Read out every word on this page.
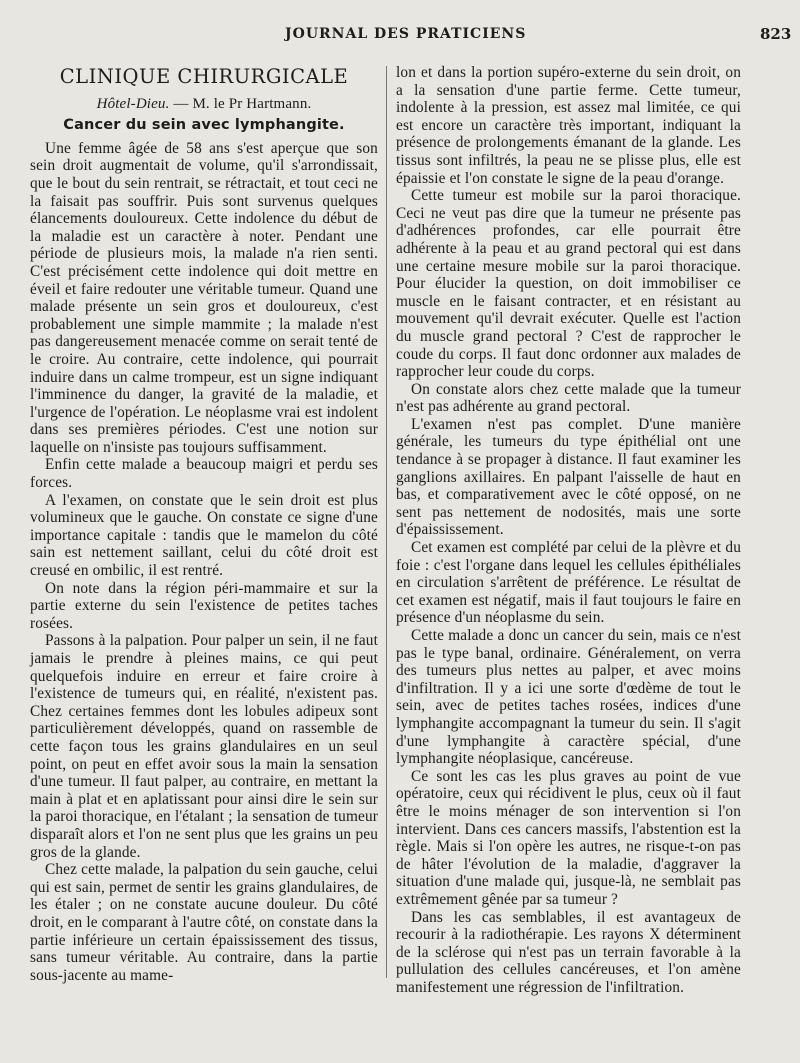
JOURNAL DES PRATICIENS	823
CLINIQUE CHIRURGICALE
Hôtel-Dieu. — M. le Pr Hartmann.
Cancer du sein avec lymphangite.

Une femme âgée de 58 ans s'est aperçue que son sein droit augmentait de volume, qu'il s'arrondissait, que le bout du sein rentrait, se rétractait, et tout ceci ne la faisait pas souffrir. Puis sont survenus quelques élancements douloureux. Cette indolence du début de la maladie est un caractère à noter. Pendant une période de plusieurs mois, la malade n'a rien senti. C'est précisément cette indolence qui doit mettre en éveil et faire redouter une véritable tumeur. Quand une malade présente un sein gros et douloureux, c'est probablement une simple mammite ; la malade n'est pas dangereusement menacée comme on serait tenté de le croire. Au contraire, cette indolence, qui pourrait induire dans un calme trompeur, est un signe indiquant l'imminence du danger, la gravité de la maladie, et l'urgence de l'opération. Le néoplasme vrai est indolent dans ses premières périodes. C'est une notion sur laquelle on n'insiste pas toujours suffisamment.

Enfin cette malade a beaucoup maigri et perdu ses forces.

A l'examen, on constate que le sein droit est plus volumineux que le gauche. On constate ce signe d'une importance capitale : tandis que le mamelon du côté sain est nettement saillant, celui du côté droit est creusé en ombilic, il est rentré.

On note dans la région péri-mammaire et sur la partie externe du sein l'existence de petites taches rosées.

Passons à la palpation. Pour palper un sein, il ne faut jamais le prendre à pleines mains, ce qui peut quelquefois induire en erreur et faire croire à l'existence de tumeurs qui, en réalité, n'existent pas. Chez certaines femmes dont les lobules adipeux sont particulièrement développés, quand on rassemble de cette façon tous les grains glandulaires en un seul point, on peut en effet avoir sous la main la sensation d'une tumeur. Il faut palper, au contraire, en mettant la main à plat et en aplatissant pour ainsi dire le sein sur la paroi thoracique, en l'étalant ; la sensation de tumeur disparaît alors et l'on ne sent plus que les grains un peu gros de la glande.

Chez cette malade, la palpation du sein gauche, celui qui est sain, permet de sentir les grains glandulaires, de les étaler ; on ne constate aucune douleur. Du côté droit, en le comparant à l'autre côté, on constate dans la partie inférieure un certain épaississement des tissus, sans tumeur véritable. Au contraire, dans la partie sous-jacente au mame-

lon et dans la portion supéro-externe du sein droit, on a la sensation d'une partie ferme. Cette tumeur, indolente à la pression, est assez mal limitée, ce qui est encore un caractère très important, indiquant la présence de prolongements émanant de la glande. Les tissus sont infiltrés, la peau ne se plisse plus, elle est épaissie et l'on constate le signe de la peau d'orange.

Cette tumeur est mobile sur la paroi thoracique. Ceci ne veut pas dire que la tumeur ne présente pas d'adhérences profondes, car elle pourrait être adhérente à la peau et au grand pectoral qui est dans une certaine mesure mobile sur la paroi thoracique. Pour élucider la question, on doit immobiliser ce muscle en le faisant contracter, et en résistant au mouvement qu'il devrait exécuter. Quelle est l'action du muscle grand pectoral ? C'est de rapprocher le coude du corps. Il faut donc ordonner aux malades de rapprocher leur coude du corps.

On constate alors chez cette malade que la tumeur n'est pas adhérente au grand pectoral.

L'examen n'est pas complet. D'une manière générale, les tumeurs du type épithélial ont une tendance à se propager à distance. Il faut examiner les ganglions axillaires. En palpant l'aisselle de haut en bas, et comparativement avec le côté opposé, on ne sent pas nettement de nodosités, mais une sorte d'épaississement.

Cet examen est complété par celui de la plèvre et du foie : c'est l'organe dans lequel les cellules épithéliales en circulation s'arrêtent de préférence. Le résultat de cet examen est négatif, mais il faut toujours le faire en présence d'un néoplasme du sein.

Cette malade a donc un cancer du sein, mais ce n'est pas le type banal, ordinaire. Généralement, on verra des tumeurs plus nettes au palper, et avec moins d'infiltration. Il y a ici une sorte d'œdème de tout le sein, avec de petites taches rosées, indices d'une lymphangite accompagnant la tumeur du sein. Il s'agit d'une lymphangite à caractère spécial, d'une lymphangite néoplasique, cancéreuse.

Ce sont les cas les plus graves au point de vue opératoire, ceux qui récidivent le plus, ceux où il faut être le moins ménager de son intervention si l'on intervient. Dans ces cancers massifs, l'abstention est la règle. Mais si l'on opère les autres, ne risque-t-on pas de hâter l'évolution de la maladie, d'aggraver la situation d'une malade qui, jusque-là, ne semblait pas extrêmement gênée par sa tumeur ?

Dans les cas semblables, il est avantageux de recourir à la radiothérapie. Les rayons X déterminent de la sclérose qui n'est pas un terrain favorable à la pullulation des cellules cancéreuses, et l'on amène manifestement une régression de l'infiltration.
